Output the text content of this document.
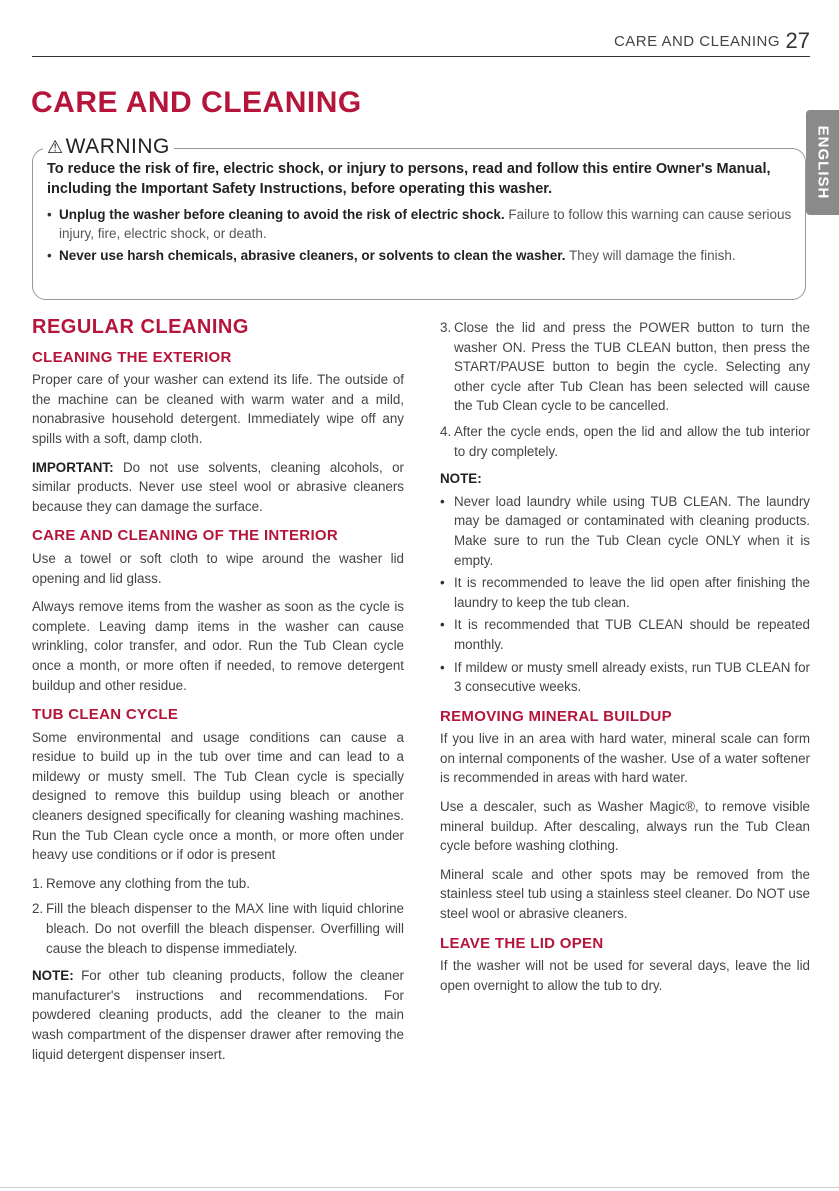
CARE AND CLEANING 27
CARE AND CLEANING
ENGLISH
⚠WARNING
To reduce the risk of fire, electric shock, or injury to persons, read and follow this entire Owner's Manual, including the Important Safety Instructions, before operating this washer.
• Unplug the washer before cleaning to avoid the risk of electric shock. Failure to follow this warning can cause serious injury, fire, electric shock, or death.
• Never use harsh chemicals, abrasive cleaners, or solvents to clean the washer. They will damage the finish.
REGULAR CLEANING
CLEANING THE EXTERIOR

Proper care of your washer can extend its life. The outside of the machine can be cleaned with warm water and a mild, nonabrasive household detergent. Immediately wipe off any spills with a soft, damp cloth.

IMPORTANT: Do not use solvents, cleaning alcohols, or similar products. Never use steel wool or abrasive cleaners because they can damage the surface.

CARE AND CLEANING OF THE INTERIOR

Use a towel or soft cloth to wipe around the washer lid opening and lid glass.

Always remove items from the washer as soon as the cycle is complete. Leaving damp items in the washer can cause wrinkling, color transfer, and odor. Run the Tub Clean cycle once a month, or more often if needed, to remove detergent buildup and other residue.

TUB CLEAN CYCLE

Some environmental and usage conditions can cause a residue to build up in the tub over time and can lead to a mildewy or musty smell. The Tub Clean cycle is specially designed to remove this buildup using bleach or another cleaners designed specifically for cleaning washing machines. Run the Tub Clean cycle once a month, or more often under heavy use conditions or if odor is present

1. Remove any clothing from the tub.
2. Fill the bleach dispenser to the MAX line with liquid chlorine bleach. Do not overfill the bleach dispenser. Overfilling will cause the bleach to dispense immediately.

NOTE: For other tub cleaning products, follow the cleaner manufacturer's instructions and recommendations. For powdered cleaning products, add the cleaner to the main wash compartment of the dispenser drawer after removing the liquid detergent dispenser insert.

3. Close the lid and press the POWER button to turn the washer ON. Press the TUB CLEAN button, then press the START/PAUSE button to begin the cycle. Selecting any other cycle after Tub Clean has been selected will cause the Tub Clean cycle to be cancelled.
4. After the cycle ends, open the lid and allow the tub interior to dry completely.
NOTE:
• Never load laundry while using TUB CLEAN. The laundry may be damaged or contaminated with cleaning products. Make sure to run the Tub Clean cycle ONLY when it is empty.
• It is recommended to leave the lid open after finishing the laundry to keep the tub clean.
• It is recommended that TUB CLEAN should be repeated monthly.
• If mildew or musty smell already exists, run TUB CLEAN for 3 consecutive weeks.
REMOVING MINERAL BUILDUP

If you live in an area with hard water, mineral scale can form on internal components of the washer. Use of a water softener is recommended in areas with hard water.

Use a descaler, such as Washer Magic®, to remove visible mineral buildup. After descaling, always run the Tub Clean cycle before washing clothing.

Mineral scale and other spots may be removed from the stainless steel tub using a stainless steel cleaner. Do NOT use steel wool or abrasive cleaners.

LEAVE THE LID OPEN

If the washer will not be used for several days, leave the lid open overnight to allow the tub to dry.
